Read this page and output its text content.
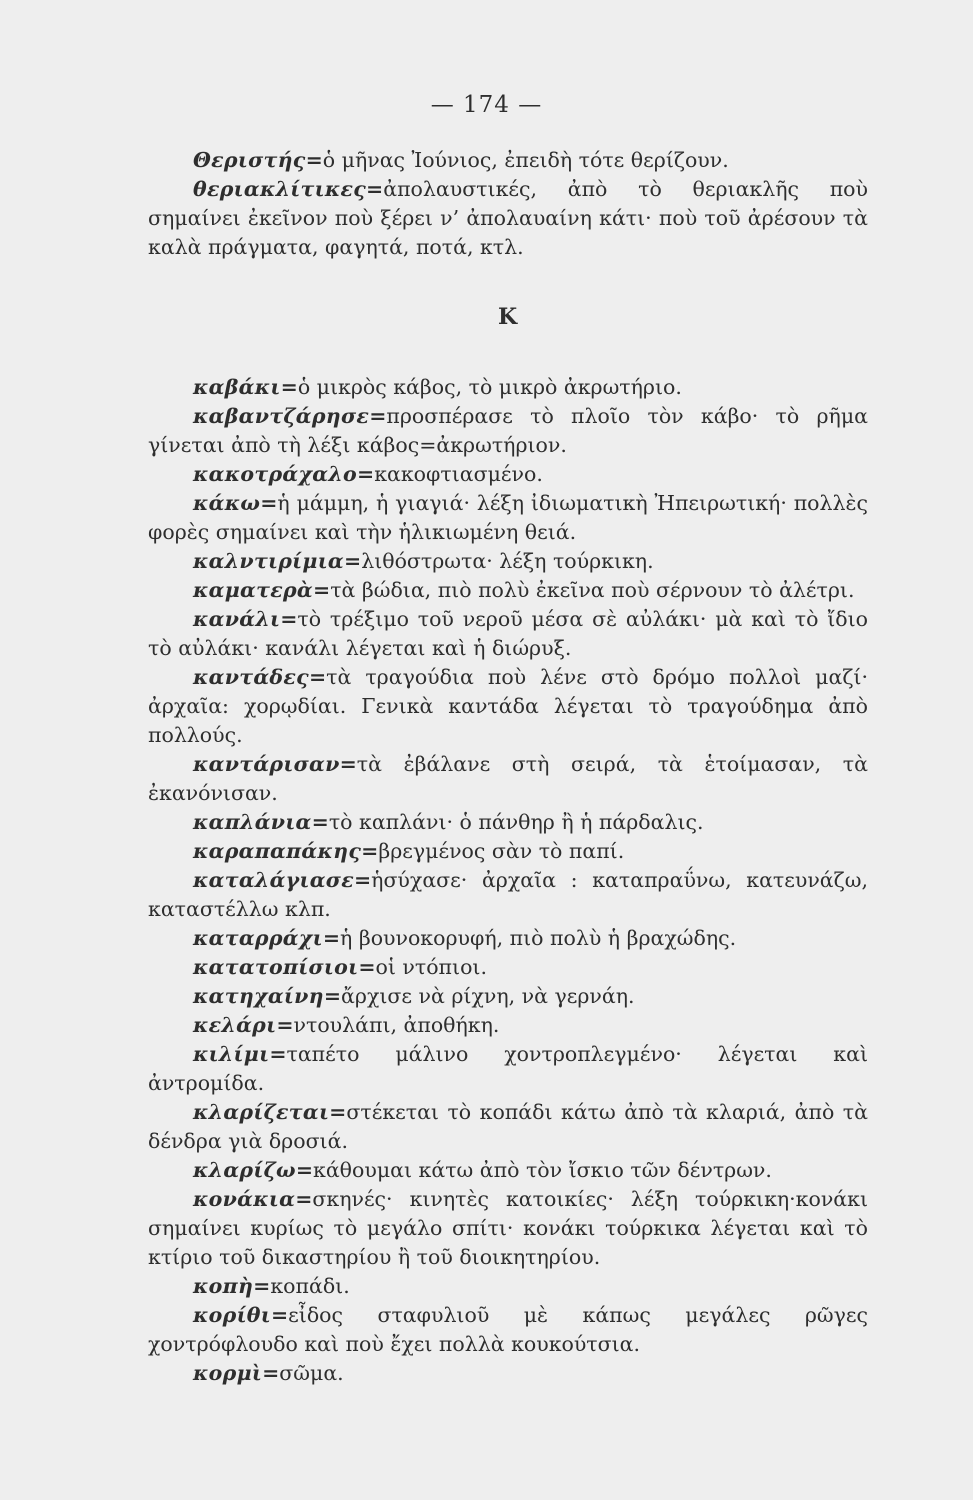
— 174 —

Θεριστής=ὁ μῆνας Ἰούνιος, ἐπειδὴ τότε θερίζουν.

θεριακλίτικες=ἀπολαυστικές, ἀπὸ τὸ θεριακλῆς ποὺ σημαίνει ἐκεῖνον ποὺ ξέρει ν’ ἀπολαυαίνη κάτι· ποὺ τοῦ ἀρέσουν τὰ καλὰ πράγματα, φαγητά, ποτά, κτλ.

Κ

καβάκι=ὁ μικρὸς κάβος, τὸ μικρὸ ἀκρωτήριο.

καβαντζάρησε=προσπέρασε τὸ πλοῖο τὸν κάβο· τὸ ρῆμα γίνεται ἀπὸ τὴ λέξι κάβος=ἀκρωτήριον.

κακοτράχαλο=κακοφτιασμένο.

κάκω=ἡ μάμμη, ἡ γιαγιά· λέξη ἰδιωματικὴ Ἠπειρωτική· πολλὲς φορὲς σημαίνει καὶ τὴν ἡλικιωμένη θειά.

καλντιρίμια=λιθόστρωτα· λέξη τούρκικη.

καματερὰ=τὰ βώδια, πιὸ πολὺ ἐκεῖνα ποὺ σέρνουν τὸ ἀλέτρι.

κανάλι=τὸ τρέξιμο τοῦ νεροῦ μέσα σὲ αὐλάκι· μὰ καὶ τὸ ἴδιο τὸ αὐλάκι· κανάλι λέγεται καὶ ἡ διώρυξ.

καντάδες=τὰ τραγούδια ποὺ λένε στὸ δρόμο πολλοὶ μαζί· ἀρχαῖα: χορῳδίαι. Γενικὰ καντάδα λέγεται τὸ τραγούδημα ἀπὸ πολλούς.

καντάρισαν=τὰ ἐβάλανε στὴ σειρά, τὰ ἑτοίμασαν, τὰ ἐκανόνισαν.

καπλάνια=τὸ καπλάνι· ὁ πάνθηρ ἢ ἡ πάρδαλις.

καραπαπάκης=βρεγμένος σὰν τὸ παπί.

καταλάγιασε=ἡσύχασε· ἀρχαῖα : καταπραΰνω, κατευνάζω, καταστέλλω κλπ.

καταρράχι=ἡ βουνοκορυφή, πιὸ πολὺ ἡ βραχώδης.

κατατοπίσιοι=οἱ ντόπιοι.

κατηχαίνη=ἄρχισε νὰ ρίχνη, νὰ γερνάη.

κελάρι=ντουλάπι, ἀποθήκη.

κιλίμι=ταπέτο μάλινο χοντροπλεγμένο· λέγεται καὶ ἀντρομίδα.

κλαρίζεται=στέκεται τὸ κοπάδι κάτω ἀπὸ τὰ κλαριά, ἀπὸ τὰ δένδρα γιὰ δροσιά.

κλαρίζω=κάθουμαι κάτω ἀπὸ τὸν ἴσκιο τῶν δέντρων.

κονάκια=σκηνές· κινητὲς κατοικίες· λέξη τούρκικη·κονάκι σημαίνει κυρίως τὸ μεγάλο σπίτι· κονάκι τούρκικα λέγεται καὶ τὸ κτίριο τοῦ δικαστηρίου ἢ τοῦ διοικητηρίου.

κοπὴ=κοπάδι.

κορίθι=εἶδος σταφυλιοῦ μὲ κάπως μεγάλες ρῶγες χοντρόφλουδο καὶ ποὺ ἔχει πολλὰ κουκούτσια.

κορμὶ=σῶμα.
